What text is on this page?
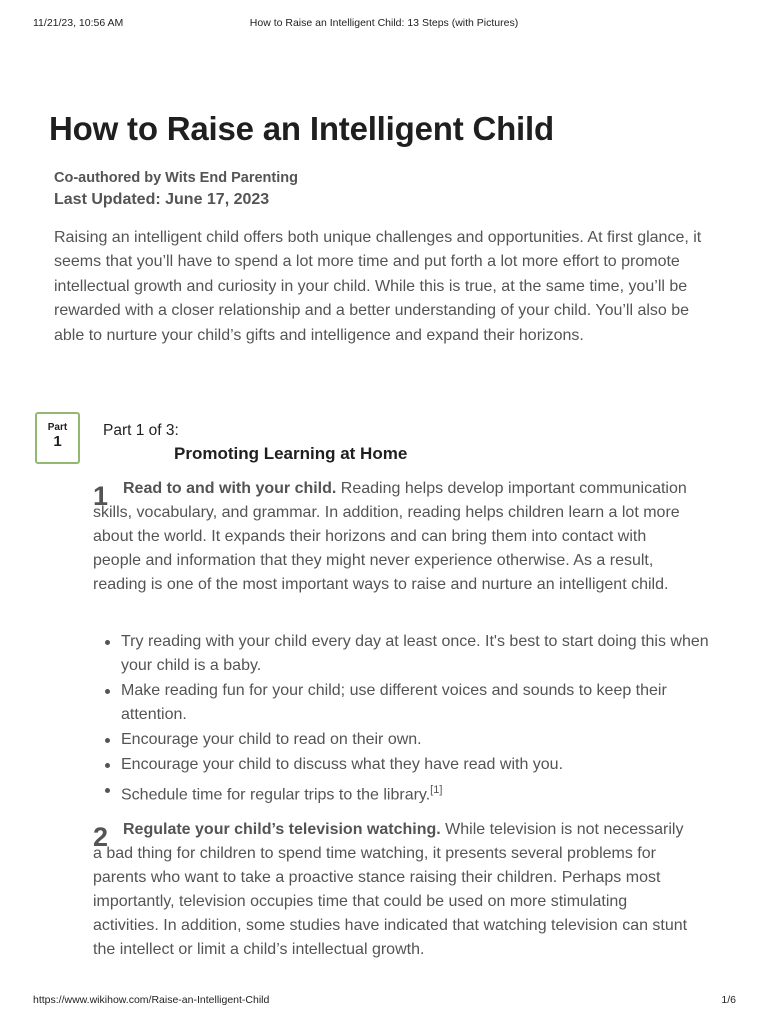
11/21/23, 10:56 AM	How to Raise an Intelligent Child: 13 Steps (with Pictures)
How to Raise an Intelligent Child
Co-authored by Wits End Parenting
Last Updated: June 17, 2023

Raising an intelligent child offers both unique challenges and opportunities. At first glance, it seems that you’ll have to spend a lot more time and put forth a lot more effort to promote intellectual growth and curiosity in your child. While this is true, at the same time, you’ll be rewarded with a closer relationship and a better understanding of your child. You’ll also be able to nurture your child’s gifts and intelligence and expand their horizons.

Part
1
Part 1 of 3:
Promoting Learning at Home
1 Read to and with your child. Reading helps develop important communication skills, vocabulary, and grammar. In addition, reading helps children learn a lot more about the world. It expands their horizons and can bring them into contact with people and information that they might never experience otherwise. As a result, reading is one of the most important ways to raise and nurture an intelligent child.

Try reading with your child every day at least once. It's best to start doing this when your child is a baby.
Make reading fun for your child; use different voices and sounds to keep their attention.
Encourage your child to read on their own.
Encourage your child to discuss what they have read with you.
Schedule time for regular trips to the library.[1]
2 Regulate your child’s television watching. While television is not necessarily a bad thing for children to spend time watching, it presents several problems for parents who want to take a proactive stance raising their children. Perhaps most importantly, television occupies time that could be used on more stimulating activities. In addition, some studies have indicated that watching television can stunt the intellect or limit a child’s intellectual growth.

https://www.wikihow.com/Raise-an-Intelligent-Child	1/6
